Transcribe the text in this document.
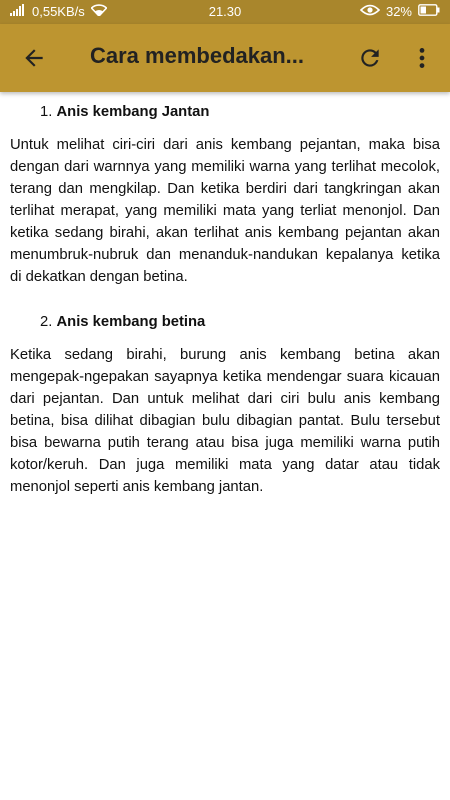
0,55KB/s	21.30	32%
Cara membedakan...
1. Anis kembang Jantan

Untuk melihat ciri-ciri dari anis kembang pejantan, maka bisa dengan dari warnnya yang memiliki warna yang terlihat mecolok, terang dan mengkilap. Dan ketika berdiri dari tangkringan akan terlihat merapat, yang memiliki mata yang terliat menonjol. Dan ketika sedang birahi, akan terlihat anis kembang pejantan akan menumbruk-nubruk dan menanduk-nandukan kepalanya ketika di dekatkan dengan betina.

2. Anis kembang betina

Ketika sedang birahi, burung anis kembang betina akan mengepak-ngepakan sayapnya ketika mendengar suara kicauan dari pejantan. Dan untuk melihat dari ciri bulu anis kembang betina, bisa dilihat dibagian bulu dibagian pantat. Bulu tersebut bisa bewarna putih terang atau bisa juga memiliki warna putih kotor/keruh. Dan juga memiliki mata yang datar atau tidak menonjol seperti anis kembang jantan.
